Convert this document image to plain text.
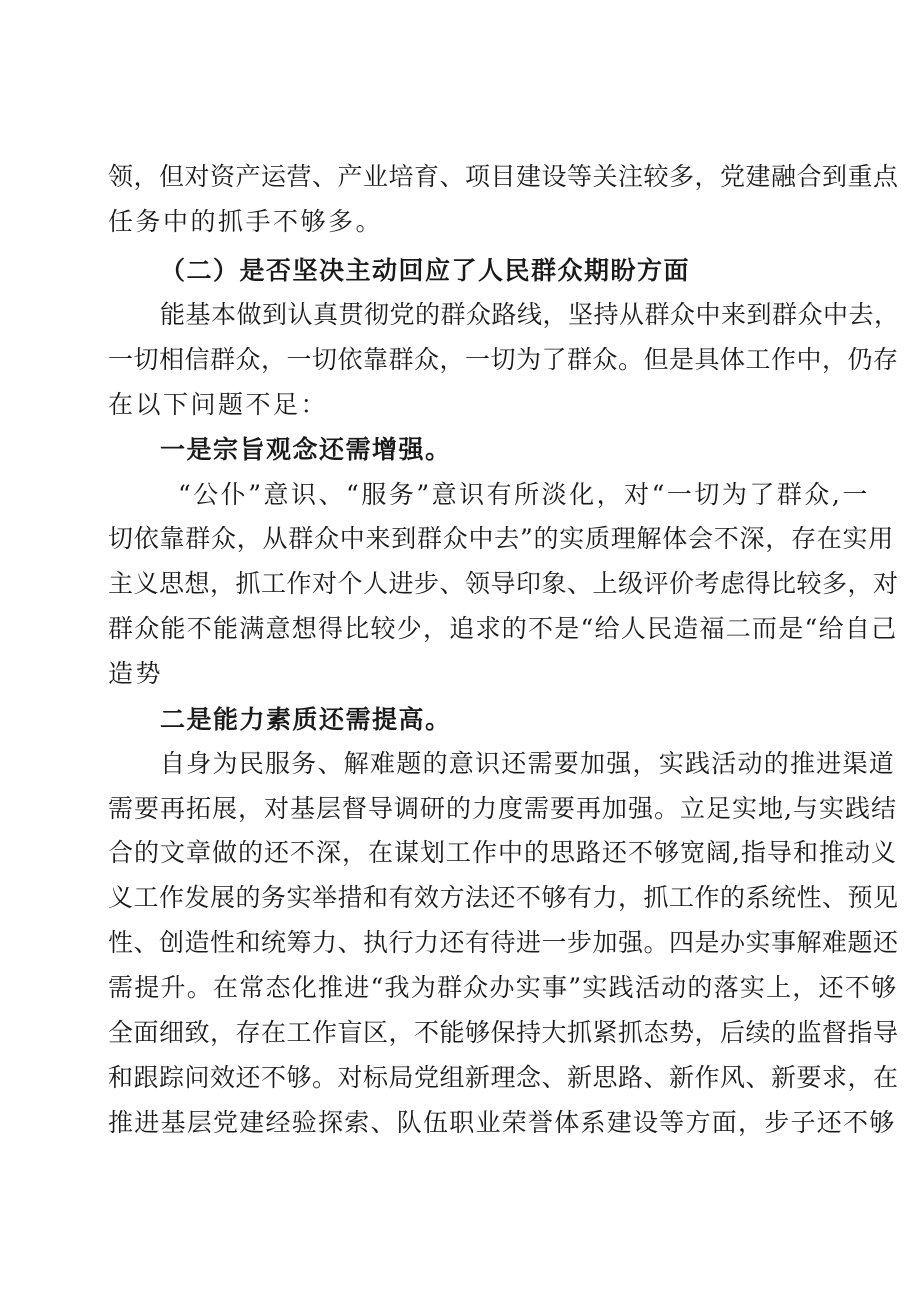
领，但对资产运营、产业培育、项目建设等关注较多，党建融合到重点
任务中的抓手不够多。
（二）是否坚决主动回应了人民群众期盼方面
能基本做到认真贯彻党的群众路线，坚持从群众中来到群众中去，
一切相信群众，一切依靠群众，一切为了群众。但是具体工作中，仍存
在以下问题不足：
一是宗旨观念还需增强。
“公仆”意识、“服务”意识有所淡化，对“一切为了群众,一
切依靠群众，从群众中来到群众中去”的实质理解体会不深，存在实用
主义思想，抓工作对个人进步、领导印象、上级评价考虑得比较多，对
群众能不能满意想得比较少，追求的不是“给人民造福二而是“给自己
造势
二是能力素质还需提高。
自身为民服务、解难题的意识还需要加强，实践活动的推进渠道
需要再拓展，对基层督导调研的力度需要再加强。立足实地,与实践结
合的文章做的还不深，在谋划工作中的思路还不够宽阔,指导和推动义
义工作发展的务实举措和有效方法还不够有力，抓工作的系统性、预见
性、创造性和统筹力、执行力还有待进一步加强。四是办实事解难题还
需提升。在常态化推进“我为群众办实事”实践活动的落实上，还不够
全面细致，存在工作盲区，不能够保持大抓紧抓态势，后续的监督指导
和跟踪问效还不够。对标局党组新理念、新思路、新作风、新要求，在
推进基层党建经验探索、队伍职业荣誉体系建设等方面，步子还不够
